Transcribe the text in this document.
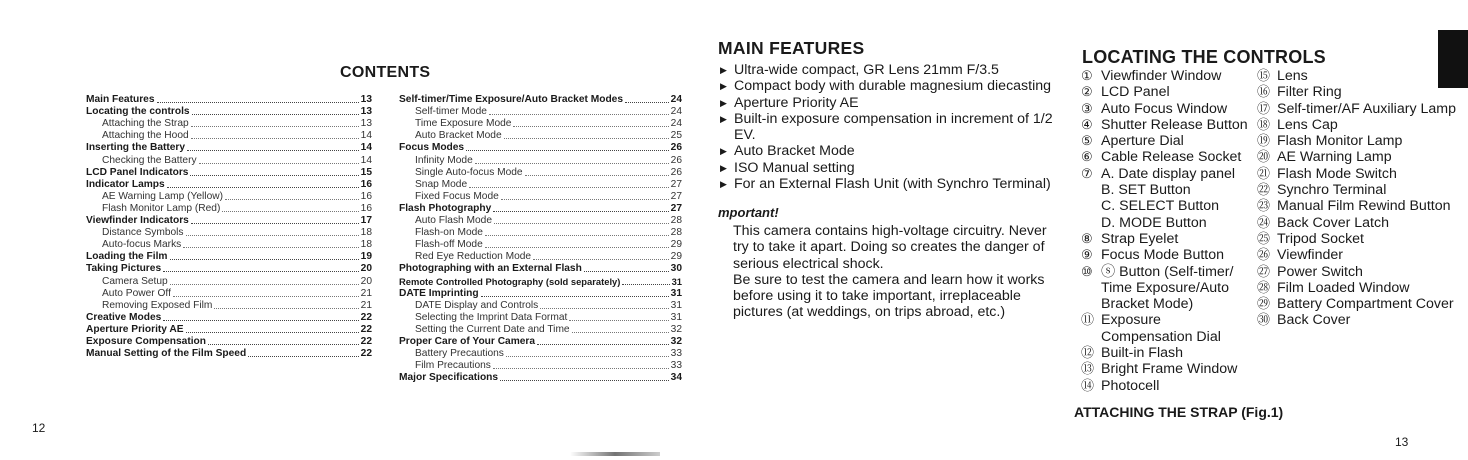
CONTENTS
Main Features	13
Locating the controls	13
Attaching the Strap	13
Attaching the Hood	14
Inserting the Battery	14
Checking the Battery	14
LCD Panel Indicators	15
Indicator Lamps	16
AE Warning Lamp (Yellow)	16
Flash Monitor Lamp (Red)	16
Viewfinder Indicators	17
Distance Symbols	18
Auto-focus Marks	18
Loading the Film	19
Taking Pictures	20
Camera Setup	20
Auto Power Off	21
Removing Exposed Film	21
Creative Modes	22
Aperture Priority AE	22
Exposure Compensation	22
Manual Setting of the Film Speed	22
Self-timer/Time Exposure/Auto Bracket Modes	24
Self-timer Mode	24
Time Exposure Mode	24
Auto Bracket Mode	25
Focus Modes	26
Infinity Mode	26
Single Auto-focus Mode	26
Snap Mode	27
Fixed Focus Mode	27
Flash Photography	27
Auto Flash Mode	28
Flash-on Mode	28
Flash-off Mode	29
Red Eye Reduction Mode	29
Photographing with an External Flash	30
Remote Controlled Photography (sold separately)	31
DATE Imprinting	31
DATE Display and Controls	31
Selecting the Imprint Data Format	31
Setting the Current Date and Time	32
Proper Care of Your Camera	32
Battery Precautions	33
Film Precautions	33
Major Specifications	34
12
MAIN FEATURES
▶ Ultra-wide compact, GR Lens 21mm F/3.5
▶ Compact body with durable magnesium diecasting
▶ Aperture Priority AE
▶ Built-in exposure compensation in increment of 1/2 EV.
▶ Auto Bracket Mode
▶ ISO Manual setting
▶ For an External Flash Unit (with Synchro Terminal)
mportant!

This camera contains high-voltage circuitry. Never try to take it apart. Doing so creates the danger of serious electrical shock.

Be sure to test the camera and learn how it works before using it to take important, irreplaceable pictures (at weddings, on trips abroad, etc.)

LOCATING THE CONTROLS
① Viewfinder Window
② LCD Panel
③ Auto Focus Window
④ Shutter Release Button
⑤ Aperture Dial
⑥ Cable Release Socket
⑦ A. Date display panel
B. SET Button
C. SELECT Button
D. MODE Button
⑧ Strap Eyelet
⑨ Focus Mode Button
⑩ ⓢ Button (Self-timer/ Time Exposure/Auto Bracket Mode)
⑪ Exposure Compensation Dial
⑫ Built-in Flash
⑬ Bright Frame Window
⑭ Photocell
⑮ Lens
⑯ Filter Ring
⑰ Self-timer/AF Auxiliary Lamp
⑱ Lens Cap
⑲ Flash Monitor Lamp
⑳ AE Warning Lamp
㉑ Flash Mode Switch
㉒ Synchro Terminal
㉓ Manual Film Rewind Button
㉔ Back Cover Latch
㉕ Tripod Socket
㉖ Viewfinder
㉗ Power Switch
㉘ Film Loaded Window
㉙ Battery Compartment Cover
㉚ Back Cover
ATTACHING THE STRAP (Fig.1)
13
